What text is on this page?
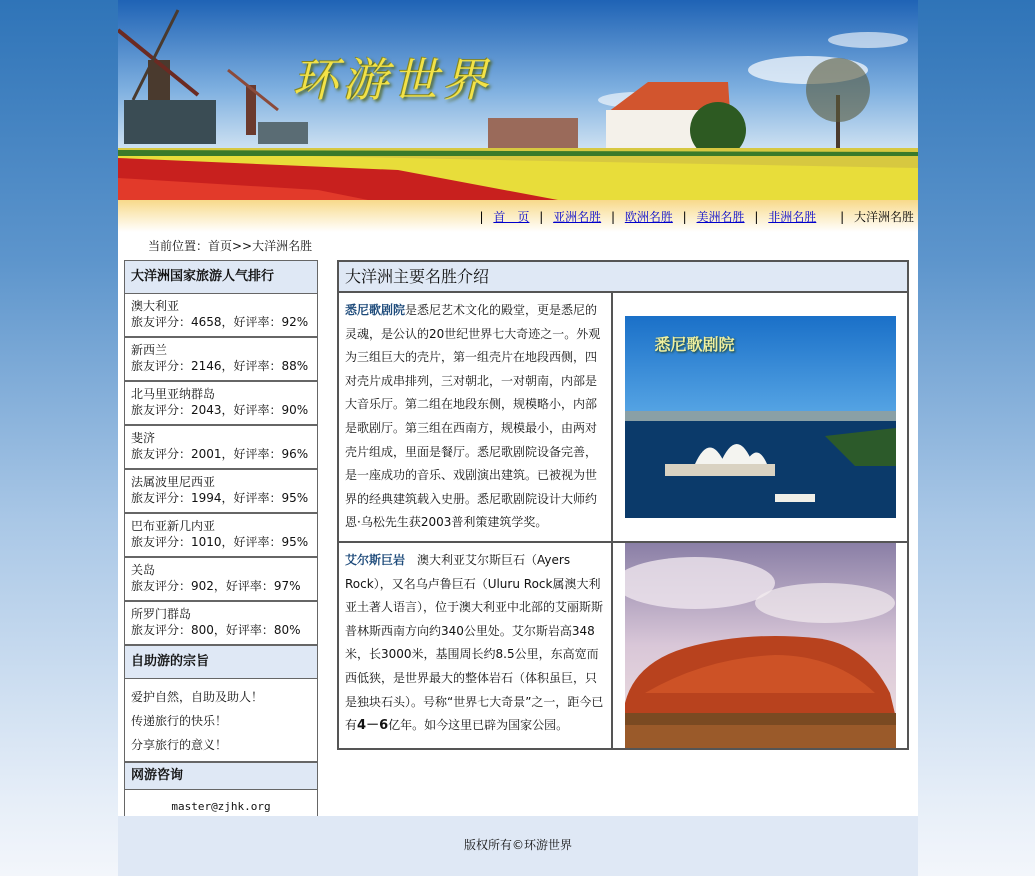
环游世界
| 首　页 | 亚洲名胜 | 欧洲名胜 | 美洲名胜 | 非洲名胜 | 大洋洲名胜
当前位置：首页>>大洋洲名胜
大洋洲国家旅游人气排行
澳大利亚
旅友评分：4658，好评率：92%
新西兰
旅友评分：2146，好评率：88%
北马里亚纳群岛
旅友评分：2043，好评率：90%
斐济
旅友评分：2001，好评率：96%
法属波里尼西亚
旅友评分：1994，好评率：95%
巴布亚新几内亚
旅友评分：1010，好评率：95%
关岛
旅友评分：902，好评率：97%
所罗门群岛
旅友评分：800，好评率：80%
自助游的宗旨
爱护自然，自助及助人！
传递旅行的快乐！
分享旅行的意义！
网游咨询
master@zjhk.org
大洋洲主要名胜介绍
悉尼歌剧院是悉尼艺术文化的殿堂，更是悉尼的灵魂，是公认的20世纪世界七大奇迹之一。外观为三组巨大的壳片，第一组壳片在地段西侧，四对壳片成串排列，三对朝北，一对朝南，内部是大音乐厅。第二组在地段东侧，规模略小，内部是歌剧厅。第三组在西南方，规模最小，由两对壳片组成，里面是餐厅。悉尼歌剧院设备完善，是一座成功的音乐、戏剧演出建筑。已被视为世界的经典建筑载入史册。悉尼歌剧院设计大师约恩·乌松先生获2003普利策建筑学奖。
悉尼歌剧院
艾尔斯巨岩　澳大利亚艾尔斯巨石（Ayers Rock），又名乌卢鲁巨石（Uluru Rock属澳大利亚土著人语言），位于澳大利亚中北部的艾丽斯斯普林斯西南方向约340公里处。艾尔斯岩高348米，长3000米，基围周长约8.5公里，东高宽而西低狭，是世界最大的整体岩石（体积虽巨，只是独块石头）。号称“世界七大奇景”之一，距今已有4－6亿年。如今这里已辟为国家公园。
版权所有©环游世界
